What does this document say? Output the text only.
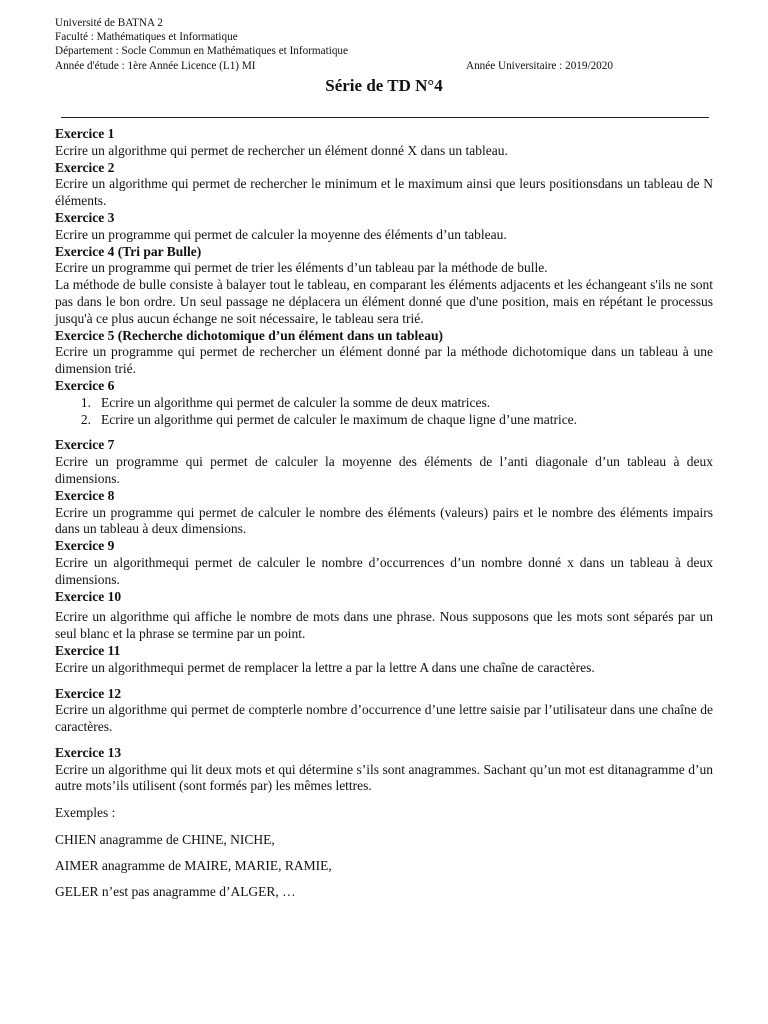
Université de BATNA 2
Faculté : Mathématiques et Informatique
Département : Socle Commun en Mathématiques et Informatique
Année d'étude : 1ère Année Licence (L1) MI	Année Universitaire : 2019/2020
Série de TD N°4
Exercice 1
Ecrire un algorithme qui permet de rechercher un élément donné X dans un tableau.
Exercice 2
Ecrire un algorithme qui permet de rechercher le minimum et le maximum ainsi que leurs positionsdans un tableau de N éléments.
Exercice 3
Ecrire un programme qui permet de calculer la moyenne des éléments d’un tableau.
Exercice 4 (Tri par Bulle)
Ecrire un programme qui permet de trier les éléments d’un tableau par la méthode de bulle.
La méthode de bulle consiste à balayer tout le tableau, en comparant les éléments adjacents et les échangeant s'ils ne sont pas dans le bon ordre. Un seul passage ne déplacera un élément donné que d'une position, mais en répétant le processus jusqu'à ce plus aucun échange ne soit nécessaire, le tableau sera trié.
Exercice 5 (Recherche dichotomique d’un élément dans un tableau)
Ecrire un programme qui permet de rechercher un élément donné par la méthode dichotomique dans un tableau à une dimension trié.
Exercice 6
1. Ecrire un algorithme qui permet de calculer la somme de deux matrices.
2. Ecrire un algorithme qui permet de calculer le maximum de chaque ligne d’une matrice.
Exercice 7
Ecrire un programme qui permet de calculer la moyenne des éléments de l’anti diagonale d’un tableau à deux dimensions.
Exercice 8
Ecrire un programme qui permet de calculer le nombre des éléments (valeurs) pairs et le nombre des éléments impairs dans un tableau à deux dimensions.
Exercice 9
Ecrire un algorithmequi permet de calculer le nombre d’occurrences d’un nombre donné x dans un tableau à deux dimensions.
Exercice 10
Ecrire un algorithme qui affiche le nombre de mots dans une phrase. Nous supposons que les mots sont séparés par un seul blanc et la phrase se termine par un point.
Exercice 11
Ecrire un algorithmequi permet de remplacer la lettre a par la lettre A dans une chaîne de caractères.
Exercice 12
Ecrire un algorithme qui permet de compterle nombre d’occurrence d’une lettre saisie par l’utilisateur dans une chaîne de caractères.
Exercice 13
Ecrire un algorithme qui lit deux mots et qui détermine s’ils sont anagrammes. Sachant qu’un mot est ditanagramme d’un autre mots’ils utilisent (sont formés par) les mêmes lettres.
Exemples :
CHIEN anagramme de CHINE, NICHE,
AIMER anagramme de MAIRE, MARIE, RAMIE,
GELER n’est pas anagramme d’ALGER, …
